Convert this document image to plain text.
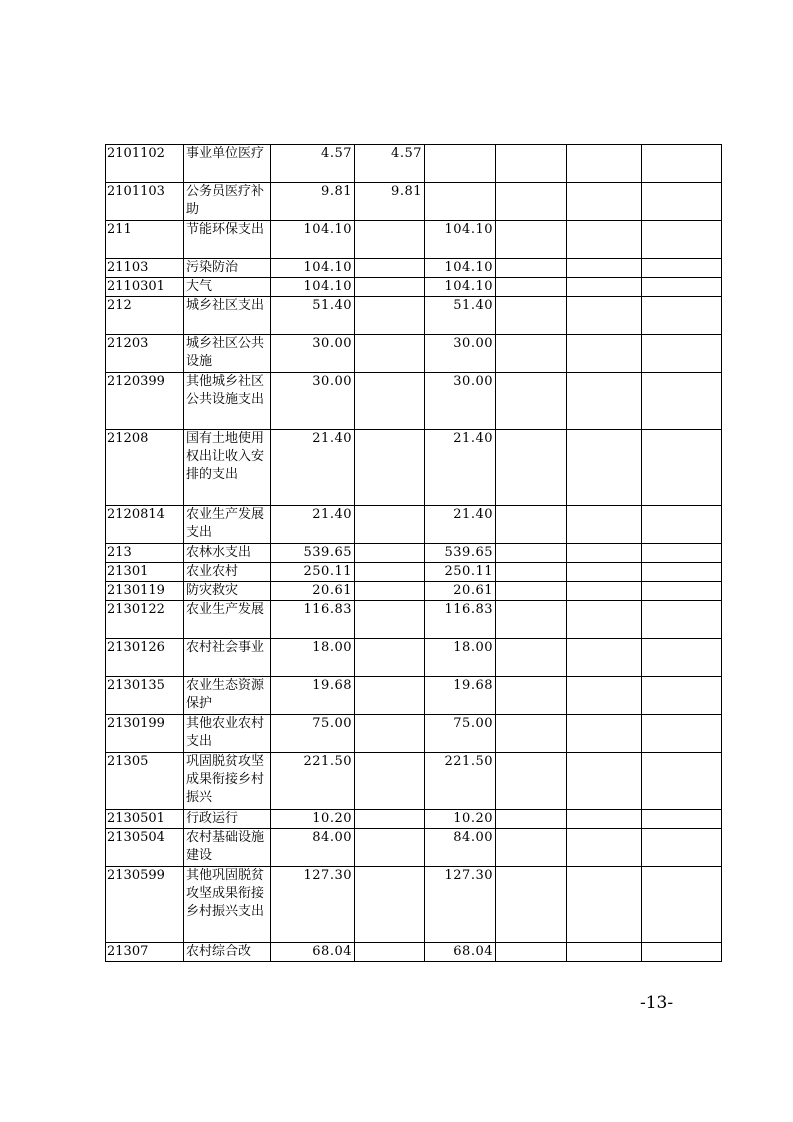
2101102	事业单位医疗	4.57	4.57				
2101103	公务员医疗补助	9.81	9.81				
211	节能环保支出	104.10		104.10			
21103	污染防治	104.10		104.10			
2110301	大气	104.10		104.10			
212	城乡社区支出	51.40		51.40			
21203	城乡社区公共设施	30.00		30.00			
2120399	其他城乡社区公共设施支出	30.00		30.00			
21208	国有土地使用权出让收入安排的支出	21.40		21.40			
2120814	农业生产发展支出	21.40		21.40			
213	农林水支出	539.65		539.65			
21301	农业农村	250.11		250.11			
2130119	防灾救灾	20.61		20.61			
2130122	农业生产发展	116.83		116.83			
2130126	农村社会事业	18.00		18.00			
2130135	农业生态资源保护	19.68		19.68			
2130199	其他农业农村支出	75.00		75.00			
21305	巩固脱贫攻坚成果衔接乡村振兴	221.50		221.50			
2130501	行政运行	10.20		10.20			
2130504	农村基础设施建设	84.00		84.00			
2130599	其他巩固脱贫攻坚成果衔接乡村振兴支出	127.30		127.30			
21307	农村综合改	68.04		68.04			
-13-
